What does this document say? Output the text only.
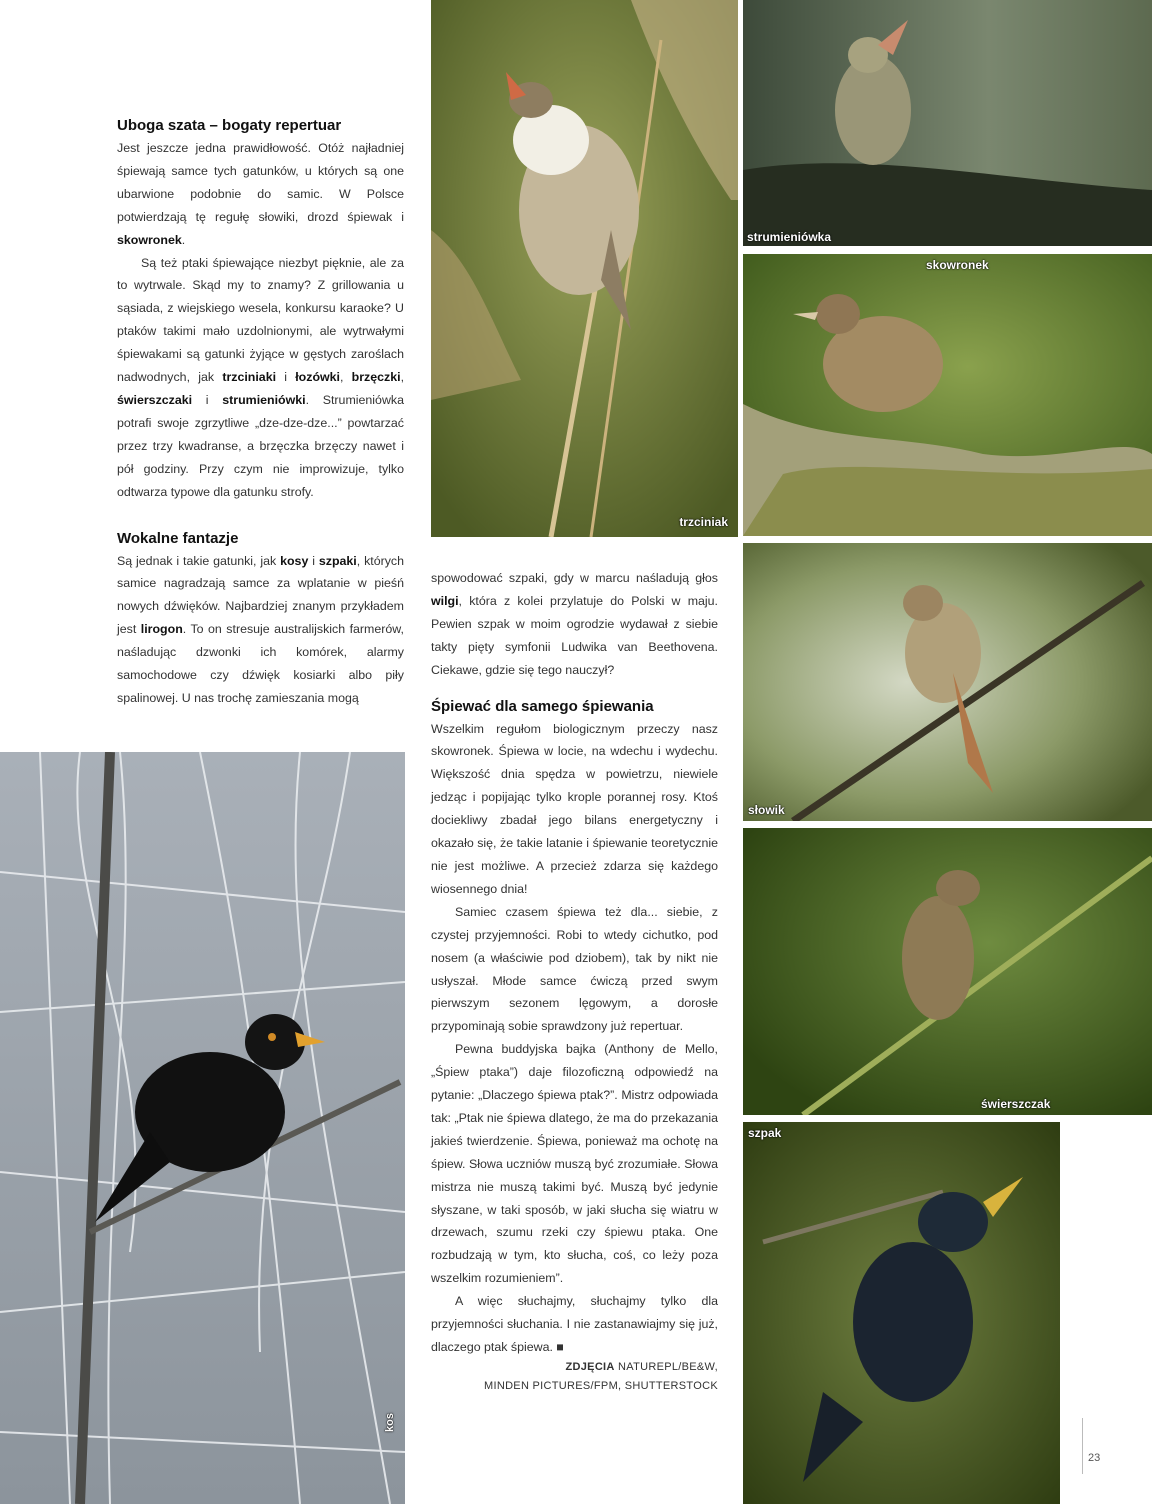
trzciniak
strumieniówka
skowronek
słowik
świerszczak
szpak
kos
Uboga szata – bogaty repertuar

Jest jeszcze jedna prawidłowość. Otóż najładniej śpiewają samce tych gatunków, u których są one ubarwione podobnie do samic. W Polsce potwierdzają tę regułę słowiki, drozd śpiewak i skowronek.

Są też ptaki śpiewające niezbyt pięknie, ale za to wytrwale. Skąd my to znamy? Z grillowania u sąsiada, z wiejskiego wesela, konkursu karaoke? U ptaków takimi mało uzdolnionymi, ale wytrwałymi śpiewakami są gatunki żyjące w gęstych zaroślach nadwodnych, jak trzciniaki i łozówki, brzęczki, świerszczaki i strumieniówki. Strumieniówka potrafi swoje zgrzytliwe „dze-dze-dze...” powtarzać przez trzy kwadranse, a brzęczka brzęczy nawet i pół godziny. Przy czym nie improwizuje, tylko odtwarza typowe dla gatunku strofy.

Wokalne fantazje

Są jednak i takie gatunki, jak kosy i szpaki, których samice nagradzają samce za wplatanie w pieśń nowych dźwięków. Najbardziej znanym przykładem jest lirogon. To on stresuje australijskich farmerów, naśladując dzwonki ich komórek, alarmy samochodowe czy dźwięk kosiarki albo piły spalinowej. U nas trochę zamieszania mogą

spowodować szpaki, gdy w marcu naśladują głos wilgi, która z kolei przylatuje do Polski w maju. Pewien szpak w moim ogrodzie wydawał z siebie takty pięty symfonii Ludwika van Beethovena. Ciekawe, gdzie się tego nauczył?

Śpiewać dla samego śpiewania

Wszelkim regułom biologicznym przeczy nasz skowronek. Śpiewa w locie, na wdechu i wydechu. Większość dnia spędza w powietrzu, niewiele jedząc i popijając tylko krople porannej rosy. Ktoś dociekliwy zbadał jego bilans energetyczny i okazało się, że takie latanie i śpiewanie teoretycznie nie jest możliwe. A przecież zdarza się każdego wiosennego dnia!

Samiec czasem śpiewa też dla... siebie, z czystej przyjemności. Robi to wtedy cichutko, pod nosem (a właściwie pod dziobem), tak by nikt nie usłyszał. Młode samce ćwiczą przed swym pierwszym sezonem lęgowym, a dorosłe przypominają sobie sprawdzony już repertuar.

Pewna buddyjska bajka (Anthony de Mello, „Śpiew ptaka”) daje filozoficzną odpowiedź na pytanie: „Dlaczego śpiewa ptak?”. Mistrz odpowiada tak: „Ptak nie śpiewa dlatego, że ma do przekazania jakieś twierdzenie. Śpiewa, ponieważ ma ochotę na śpiew. Słowa uczniów muszą być zrozumiałe. Słowa mistrza nie muszą takimi być. Muszą być jedynie słyszane, w taki sposób, w jaki słucha się wiatru w drzewach, szumu rzeki czy śpiewu ptaka. One rozbudzają w tym, kto słucha, coś, co leży poza wszelkim rozumieniem”.

A więc słuchajmy, słuchajmy tylko dla przyjemności słuchania. I nie zastanawiajmy się już, dlaczego ptak śpiewa. ■

ZDJĘCIA NATUREPL/BE&W,
MINDEN PICTURES/FPM, SHUTTERSTOCK
23
